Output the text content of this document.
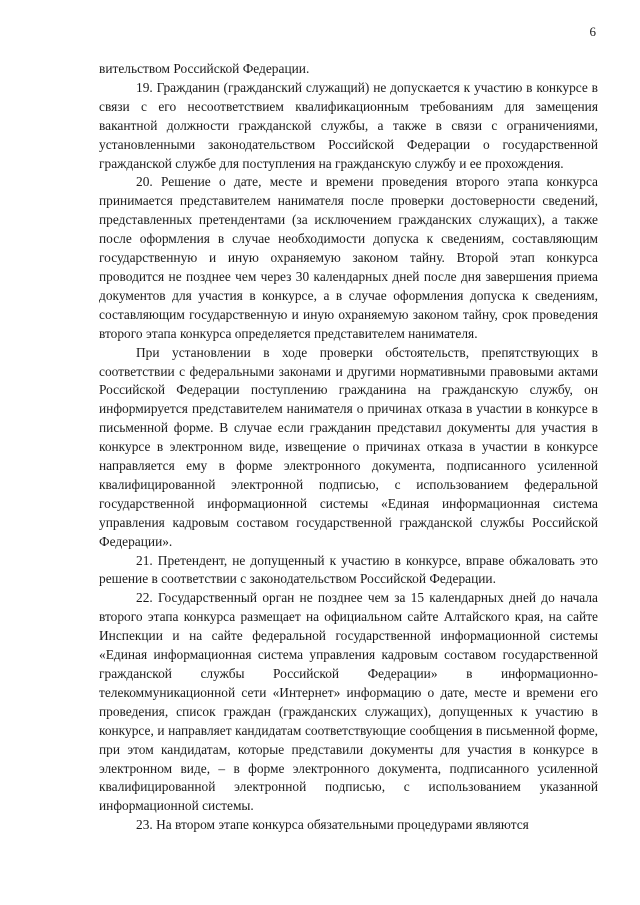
6

вительством Российской Федерации.

19. Гражданин (гражданский служащий) не допускается к участию в конкурсе в связи с его несоответствием квалификационным требованиям для замещения вакантной должности гражданской службы, а также в связи с ограничениями, установленными законодательством Российской Федерации о государственной гражданской службе для поступления на гражданскую службу и ее прохождения.

20. Решение о дате, месте и времени проведения второго этапа конкурса принимается представителем нанимателя после проверки достоверности сведений, представленных претендентами (за исключением гражданских служащих), а также после оформления в случае необходимости допуска к сведениям, составляющим государственную и иную охраняемую законом тайну. Второй этап конкурса проводится не позднее чем через 30 календарных дней после дня завершения приема документов для участия в конкурсе, а в случае оформления допуска к сведениям, составляющим государственную и иную охраняемую законом тайну, срок проведения второго этапа конкурса определяется представителем нанимателя.

При установлении в ходе проверки обстоятельств, препятствующих в соответствии с федеральными законами и другими нормативными правовыми актами Российской Федерации поступлению гражданина на гражданскую службу, он информируется представителем нанимателя о причинах отказа в участии в конкурсе в письменной форме. В случае если гражданин представил документы для участия в конкурсе в электронном виде, извещение о причинах отказа в участии в конкурсе направляется ему в форме электронного документа, подписанного усиленной квалифицированной электронной подписью, с использованием федеральной государственной информационной системы «Единая информационная система управления кадровым составом государственной гражданской службы Российской Федерации».

21. Претендент, не допущенный к участию в конкурсе, вправе обжаловать это решение в соответствии с законодательством Российской Федерации.

22. Государственный орган не позднее чем за 15 календарных дней до начала второго этапа конкурса размещает на официальном сайте Алтайского края, на сайте Инспекции и на сайте федеральной государственной информационной системы «Единая информационная система управления кадровым составом государственной гражданской службы Российской Федерации» в информационно-телекоммуникационной сети «Интернет» информацию о дате, месте и времени его проведения, список граждан (гражданских служащих), допущенных к участию в конкурсе, и направляет кандидатам соответствующие сообщения в письменной форме, при этом кандидатам, которые представили документы для участия в конкурсе в электронном виде, – в форме электронного документа, подписанного усиленной квалифицированной электронной подписью, с использованием указанной информационной системы.

23. На втором этапе конкурса обязательными процедурами являются
